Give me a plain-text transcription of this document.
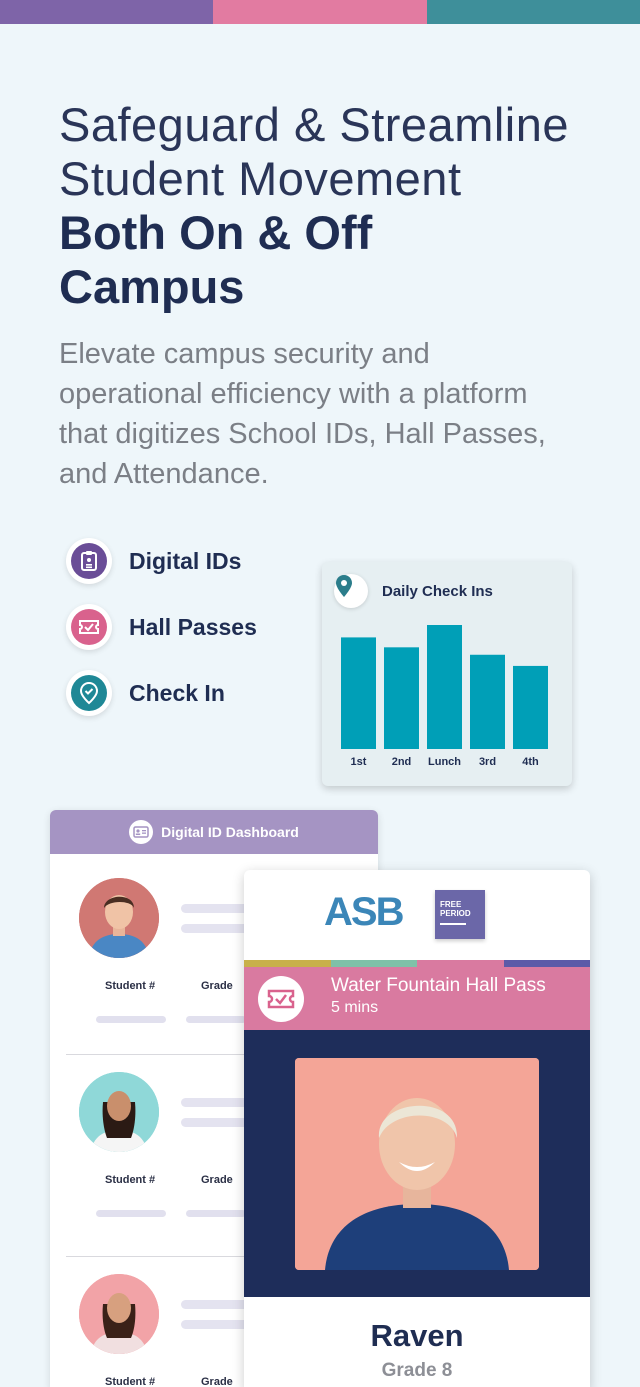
Safeguard & Streamline
Student Movement
Both On & Off
Campus

Elevate campus security and operational efficiency with a platform that digitizes School IDs, Hall Passes, and Attendance.

Digital IDs
Hall Passes
Check In
1st 2nd Lunch 3rd 4th
Daily Check Ins
Digital ID Dashboard
Student #	Grade
Student #	Grade
Student #	Grade
ASB	FREE
PERIOD
Water Fountain Hall Pass
5 mins
Raven
Grade 8
